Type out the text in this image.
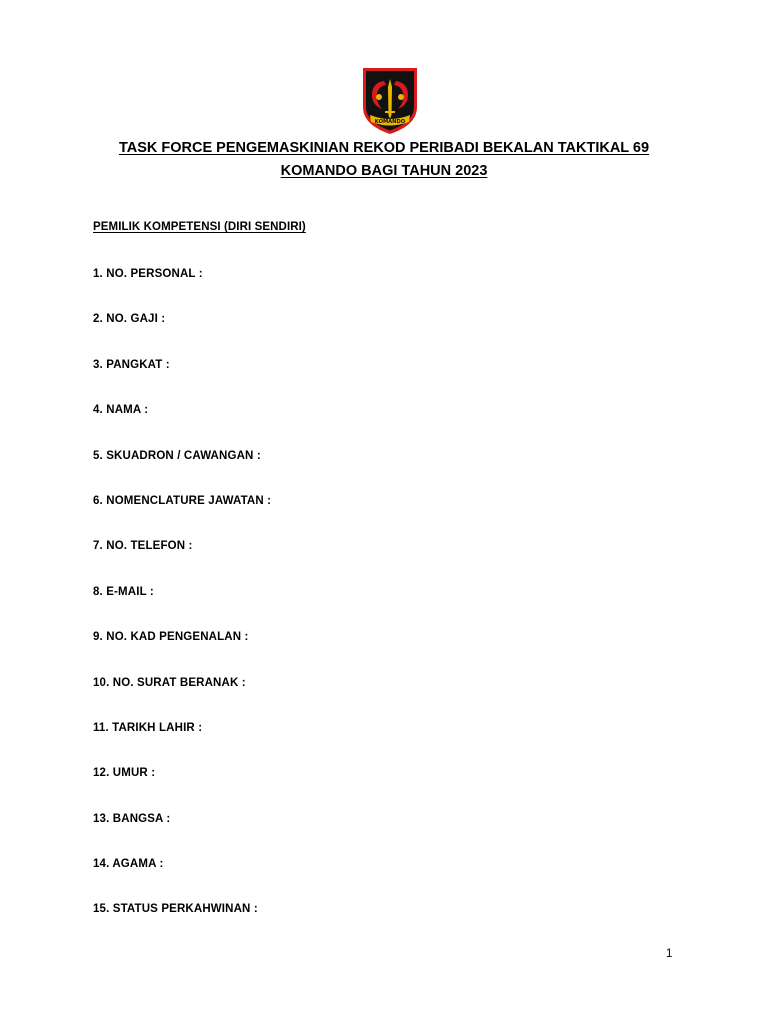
KOMANDO
TASK FORCE PENGEMASKINIAN REKOD PERIBADI BEKALAN TAKTIKAL 69
KOMANDO BAGI TAHUN 2023
PEMILIK KOMPETENSI (DIRI SENDIRI)
1. NO. PERSONAL :
2. NO. GAJI :
3. PANGKAT :
4. NAMA :
5. SKUADRON / CAWANGAN :
6. NOMENCLATURE JAWATAN :
7. NO. TELEFON :
8. E-MAIL :
9. NO. KAD PENGENALAN :
10. NO. SURAT BERANAK :
11. TARIKH LAHIR :
12. UMUR :
13. BANGSA :
14. AGAMA :
15. STATUS PERKAHWINAN :
1
